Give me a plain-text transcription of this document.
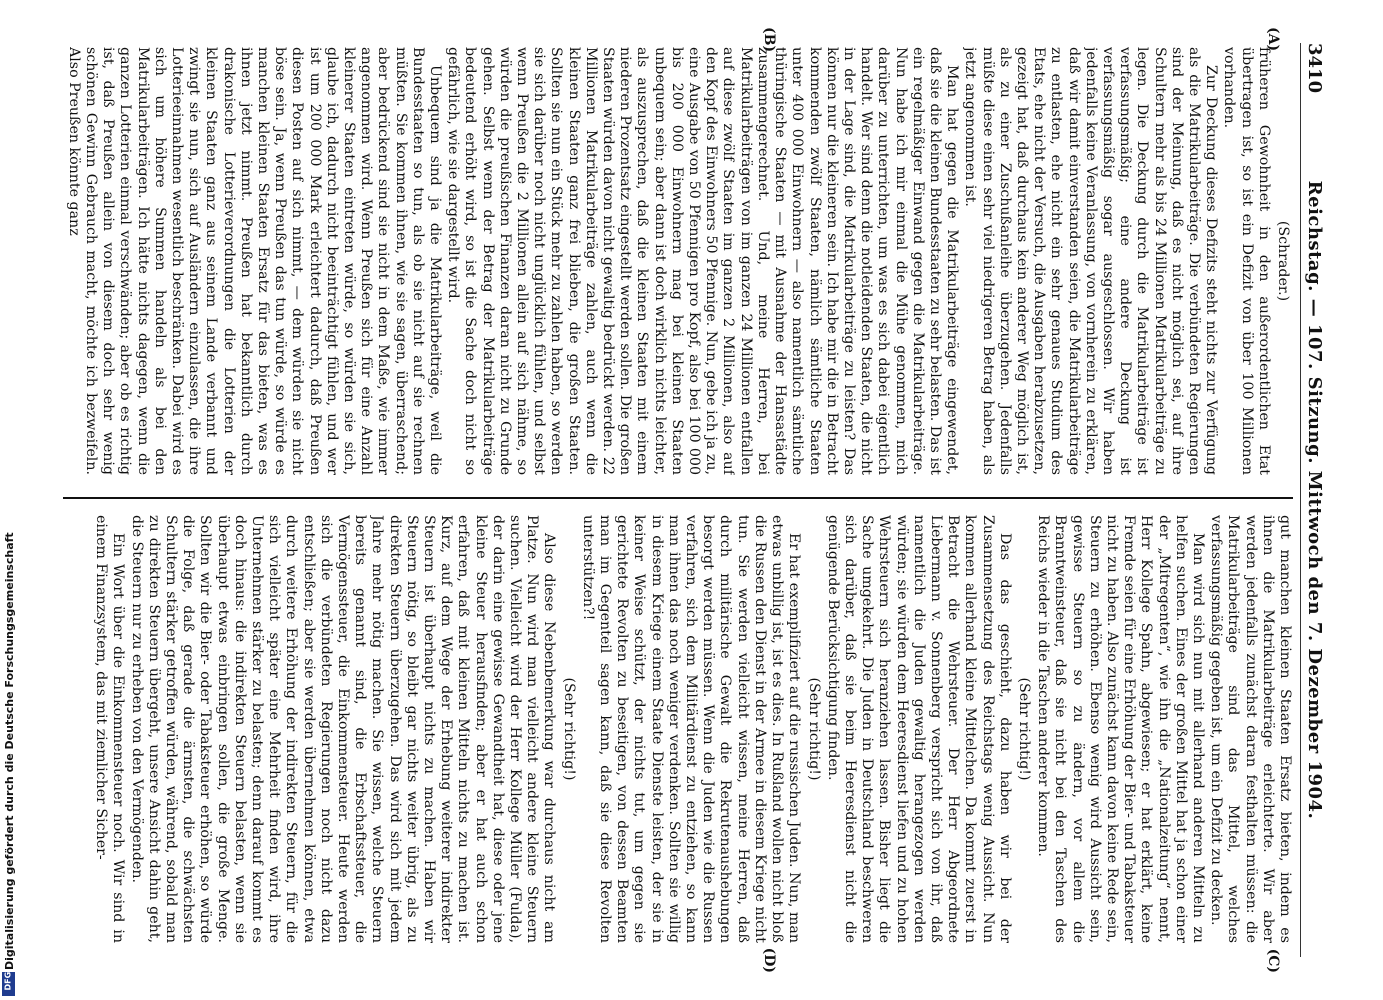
3410
Reichstag. — 107. Sitzung. Mittwoch den 7. Dezember 1904.
(A)
(B)
(C)
(D)

(Schrader.)

früheren Gewohnheit in den außerordentlichen Etat übertragen ist, so ist ein Defizit von über 100 Millionen vorhanden.

Zur Deckung dieses Defizits steht nichts zur Verfügung als die Matrikularbeiträge. Die verbündeten Regierungen sind der Meinung, daß es nicht möglich sei, auf ihre Schultern mehr als bis 24 Millionen Matrikularbeiträge zu legen. Die Deckung durch die Matrikularbeiträge ist verfassungsmäßig; eine andere Deckung ist verfassungsmäßig sogar ausgeschlossen. Wir haben jedenfalls keine Veranlassung, von vornherein zu erklären, daß wir damit einverstanden seien, die Matrikularbeiträge zu entlasten, ehe nicht ein sehr genaues Studium des Etats, ehe nicht der Versuch, die Ausgaben herabzusetzen, gezeigt hat, daß durchaus kein anderer Weg möglich ist, als zu einer Zuschußanleihe überzugehen. Jedenfalls müßte diese einen sehr viel niedrigeren Betrag haben, als jetzt angenommen ist.

Man hat gegen die Matrikularbeiträge eingewendet, daß sie die kleinen Bundesstaaten zu sehr belasten. Das ist ein regelmäßiger Einwand gegen die Matrikularbeiträge. Nun habe ich mir einmal die Mühe genommen, mich darüber zu unterrichten, um was es sich dabei eigentlich handelt. Wer sind denn die notleidenden Staaten, die nicht in der Lage sind, die Matrikularbeiträge zu leisten? Das können nur die kleineren sein. Ich habe mir die in Betracht kommenden zwölf Staaten, nämlich sämtliche Staaten unter 400 000 Einwohnern — also namentlich sämtliche thüringische Staaten — mit Ausnahme der Hansastädte zusammengerechnet. Und, meine Herren, bei Matrikularbeiträgen von im ganzen 24 Millionen entfallen auf diese zwölf Staaten im ganzen 2 Millionen, also auf den Kopf des Einwohners 50 Pfennige. Nun, gebe ich ja zu, eine Ausgabe von 50 Pfennigen pro Kopf, also bei 100 000 bis 200 000 Einwohnern mag bei kleinen Staaten unbequem sein; aber dann ist doch wirklich nichts leichter, als auszusprechen, daß die kleinen Staaten mit einem niederen Prozentsatz eingestellt werden sollen. Die großen Staaten würden davon nicht gewaltig bedrückt werden. 22 Millionen Matrikularbeiträge zahlen, auch wenn die kleinen Staaten ganz frei blieben, die großen Staaten. Sollten sie nun ein Stück mehr zu zahlen haben, so werden sie sich darüber noch nicht unglücklich fühlen, und selbst wenn Preußen die 2 Millionen allein auf sich nähme, so würden die preußischen Finanzen daran nicht zu Grunde gehen. Selbst wenn der Betrag der Matrikularbeiträge bedeutend erhöht wird, so ist die Sache doch nicht so gefährlich, wie sie dargestellt wird.

Unbequem sind ja die Matrikularbeiträge, weil die Bundesstaaten so tun, als ob sie nicht auf sie rechnen müßten. Sie kommen ihnen, wie sie sagen, überraschend; aber bedrückend sind sie nicht in dem Maße, wie immer angenommen wird. Wenn Preußen sich für eine Anzahl kleinerer Staaten eintreten würde, so würden sie sich, glaube ich, dadurch nicht beeinträchtigt fühlen, und wer ist um 200 000 Mark erleichtert dadurch, daß Preußen diesen Posten auf sich nimmt, — dem würden sie nicht böse sein. Ja, wenn Preußen das tun würde, so würde es manchen kleinen Staaten Ersatz für das bieten, was es ihnen jetzt nimmt. Preußen hat bekanntlich durch drakonische Lotterieverordnungen die Lotterien der kleinen Staaten ganz aus seinem Lande verbannt und zwingt sie nun, sich auf Ausländern einzulassen, die ihre Lotterieeinnahmen wesentlich beschränken. Dabei wird es sich um höhere Summen handeln als bei den Matrikularbeiträgen. Ich hätte nichts dagegen, wenn die ganzen Lotterien einmal verschwänden; aber ob es richtig ist, daß Preußen allein von diesem doch sehr wenig schönen Gewinn Gebrauch macht, möchte ich bezweifeln. Also Preußen könnte ganz

gut manchen kleinen Staaten Ersatz bieten, indem es ihnen die Matrikularbeiträge erleichterte. Wir aber werden jedenfalls zunächst daran festhalten müssen: die Matrikularbeiträge sind das Mittel, welches verfassungsmäßig gegeben ist, um ein Defizit zu decken.

Man wird sich nun mit allerhand anderen Mitteln zu helfen suchen. Eines der großen Mittel hat ja schon einer der „Mitregenten“, wie ihn die „Nationalzeitung“ nennt, Herr Kollege Spahn, abgewiesen; er hat erklärt, keine Fremde seien für eine Erhöhung der Bier- und Tabaksteuer nicht zu haben. Also zunächst kann davon keine Rede sein, Steuern zu erhöhen. Ebenso wenig wird Aussicht sein, gewisse Steuern so zu ändern, vor allem die Branntweinsteuer, daß sie nicht bei den Taschen des Reichs wieder in die Taschen anderer kommen.

(Sehr richtig!)

Das das geschieht, dazu haben wir bei der Zusammensetzung des Reichstags wenig Aussicht. Nun kommen allerhand kleine Mittelchen. Da kommt zuerst in Betracht die Wehrsteuer. Der Herr Abgeordnete Liebermann v. Sonnenberg verspricht sich von ihr, daß namentlich die Juden gewaltig herangezogen werden würden; sie würden dem Heeresdienst liefen und zu hohen Wehrsteuern sich heranziehen lassen. Bisher liegt die Sache umgekehrt. Die Juden in Deutschland beschweren sich darüber, daß sie beim Heeresdienst nicht die genügende Berücksichtigung finden.

(Sehr richtig!)

Er hat exemplifiziert auf die russischen Juden. Nun, man etwas unbillig ist, ist es dies. In Rußland wollen nicht bloß die Russen den Dienst in der Armee in diesem Kriege nicht tun. Sie werden vielleicht wissen, meine Herren, daß durch militärische Gewalt die Rekrutenaushebungen besorgt werden müssen. Wenn die Juden wie die Russen verfahren, sich dem Militärdienst zu entziehen, so kann man ihnen das noch weniger verdenken. Sollten sie willig in diesem Kriege einem Staate Dienste leisten, der sie in keiner Weise schützt, der nichts tut, um gegen sie gerichtete Revolten zu beseitigen, von dessen Beamten man im Gegenteil sagen kann, daß sie diese Revolten unterstützen?!

(Sehr richtig!)

Also diese Nebenbemerkung war durchaus nicht am Platze. Nun wird man vielleicht andere kleine Steuern suchen. Vielleicht wird der Herr Kollege Müller (Fulda), der darin eine gewisse Gewandtheit hat, diese oder jene kleine Steuer herausfinden; aber er hat auch schon erfahren, daß mit kleinen Mitteln nichts zu machen ist. Kurz, auf dem Wege der Erhebung weiterer indirekter Steuern ist überhaupt nichts zu machen. Haben wir Steuern nötig, so bleibt gar nichts weiter übrig, als zu direkten Steuern überzugehen. Das wird sich mit jedem Jahre mehr nötig machen. Sie wissen, welche Steuern bereits genannt sind, die Erbschaftssteuer, die Vermögenssteuer, die Einkommensteuer. Heute werden sich die verbündeten Regierungen noch nicht dazu entschließen; aber sie werden übernehmen können, etwa durch weitere Erhöhung der indirekten Steuern, für die sich vielleicht später eine Mehrheit finden wird, ihre Unternehmen stärker zu belasten; denn darauf kommt es doch hinaus: die indirekten Steuern belasten, wenn sie überhaupt etwas einbringen sollen, die große Menge. Sollten wir die Bier- oder Tabaksteuer erhöhen, so würde die Folge, daß gerade die ärmsten, die schwächsten Schultern stärker getroffen würden, während, sobald man zu direkten Steuern übergeht, unsere Ansicht dahin geht, die Steuern nur zu erheben von den Vermögenden.

Ein Wort über die Einkommensteuer noch. Wir sind in einem Finanzsystem, das mit ziemlicher Sicher-

Digitalisierung gefördert durch die Deutsche Forschungsgemeinschaft
DFG
